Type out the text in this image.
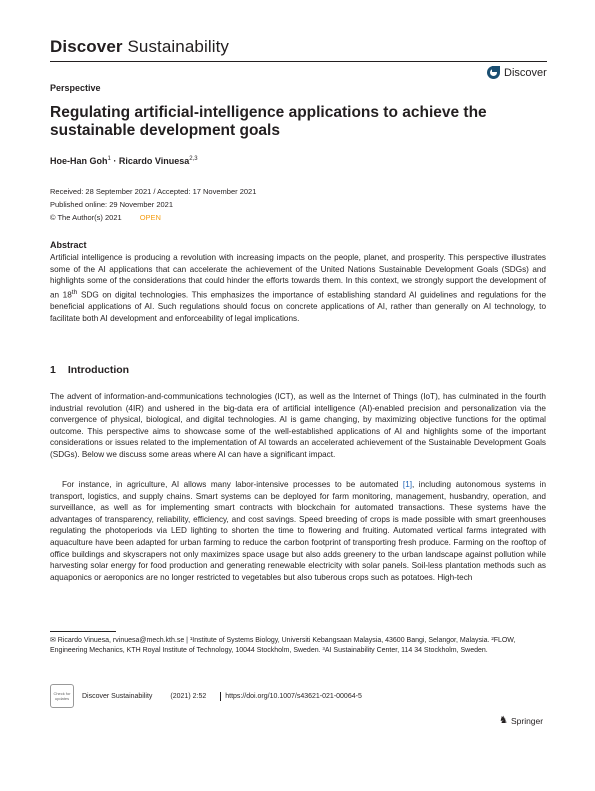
Discover Sustainability
Discover
Perspective
Regulating artificial-intelligence applications to achieve the sustainable development goals
Hoe-Han Goh$^1$ · Ricardo Vinuesa$^{2,3}$
Received: 28 September 2021 / Accepted: 17 November 2021
Published online: 29 November 2021
© The Author(s) 2021 OPEN
Abstract
Artificial intelligence is producing a revolution with increasing impacts on the people, planet, and prosperity. This perspective illustrates some of the AI applications that can accelerate the achievement of the United Nations Sustainable Development Goals (SDGs) and highlights some of the considerations that could hinder the efforts towards them. In this context, we strongly support the development of an 18th SDG on digital technologies. This emphasizes the importance of establishing standard AI guidelines and regulations for the beneficial applications of AI. Such regulations should focus on concrete applications of AI, rather than generally on AI technology, to facilitate both AI development and enforceability of legal implications.
1 Introduction
The advent of information-and-communications technologies (ICT), as well as the Internet of Things (IoT), has culminated in the fourth industrial revolution (4IR) and ushered in the big-data era of artificial intelligence (AI)-enabled precision and personalization via the convergence of physical, biological, and digital technologies. AI is game changing, by maximizing objective functions for the optimal outcome. This perspective aims to showcase some of the well-established applications of AI and highlights some of the important considerations or issues related to the implementation of AI towards an accelerated achievement of the Sustainable Development Goals (SDGs). Below we discuss some areas where AI can have a significant impact.
For instance, in agriculture, AI allows many labor-intensive processes to be automated [1], including autonomous systems in transport, logistics, and supply chains. Smart systems can be deployed for farm monitoring, management, husbandry, operation, and surveillance, as well as for implementing smart contracts with blockchain for automated transactions. These systems have the advantages of transparency, reliability, efficiency, and cost savings. Speed breeding of crops is made possible with smart greenhouses regulating the photoperiods via LED lighting to shorten the time to flowering and fruiting. Automated vertical farms integrated with aquaculture have been adapted for urban farming to reduce the carbon footprint of transporting fresh produce. Farming on the rooftop of office buildings and skyscrapers not only maximizes space usage but also adds greenery to the urban landscape against pollution while harvesting solar energy for food production and generating renewable electricity with solar panels. Soil-less plantation methods such as aquaponics or aeroponics are no longer restricted to vegetables but also tuberous crops such as potatoes. High-tech
✉ Ricardo Vinuesa, rvinuesa@mech.kth.se | ¹Institute of Systems Biology, Universiti Kebangsaan Malaysia, 43600 Bangi, Selangor, Malaysia. ²FLOW, Engineering Mechanics, KTH Royal Institute of Technology, 10044 Stockholm, Sweden. ³AI Sustainability Center, 114 34 Stockholm, Sweden.
Check for updates	Discover Sustainability	(2021) 2:52	https://doi.org/10.1007/s43621-021-00064-5
♞ Springer
